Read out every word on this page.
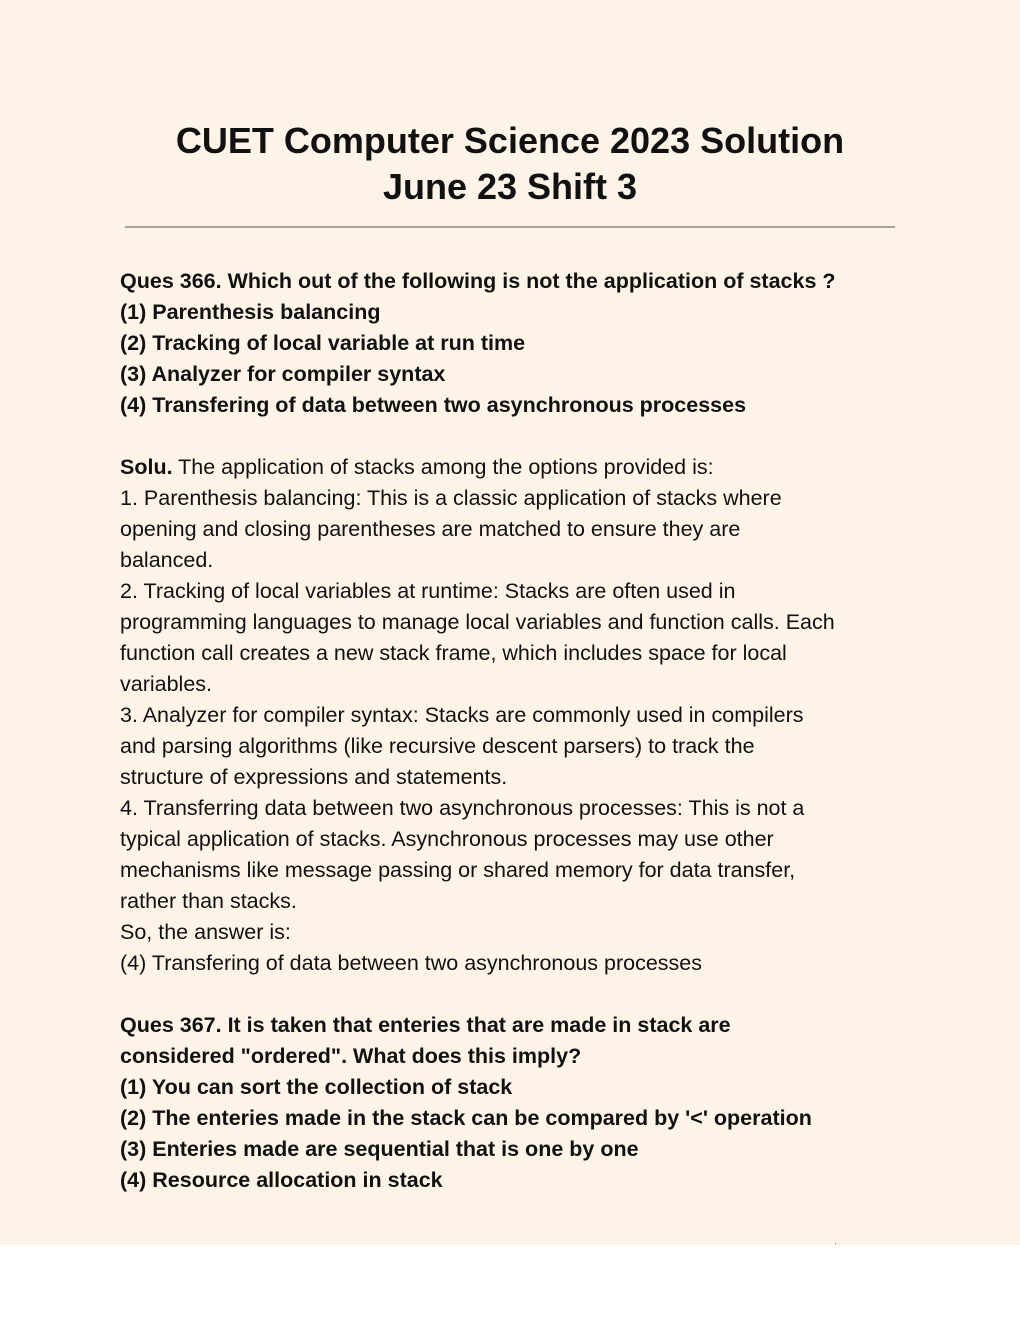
CUET Computer Science 2023 Solution
June 23 Shift 3
Ques 366. Which out of the following is not the application of stacks ?
(1) Parenthesis balancing
(2) Tracking of local variable at run time
(3) Analyzer for compiler syntax
(4) Transfering of data between two asynchronous processes
Solu. The application of stacks among the options provided is:
1. Parenthesis balancing: This is a classic application of stacks where
opening and closing parentheses are matched to ensure they are
balanced.
2. Tracking of local variables at runtime: Stacks are often used in
programming languages to manage local variables and function calls. Each
function call creates a new stack frame, which includes space for local
variables.
3. Analyzer for compiler syntax: Stacks are commonly used in compilers
and parsing algorithms (like recursive descent parsers) to track the
structure of expressions and statements.
4. Transferring data between two asynchronous processes: This is not a
typical application of stacks. Asynchronous processes may use other
mechanisms like message passing or shared memory for data transfer,
rather than stacks.
So, the answer is:
(4) Transfering of data between two asynchronous processes
Ques 367. It is taken that enteries that are made in stack are
considered "ordered". What does this imply?
(1) You can sort the collection of stack
(2) The enteries made in the stack can be compared by '<' operation
(3) Enteries made are sequential that is one by one
(4) Resource allocation in stack
